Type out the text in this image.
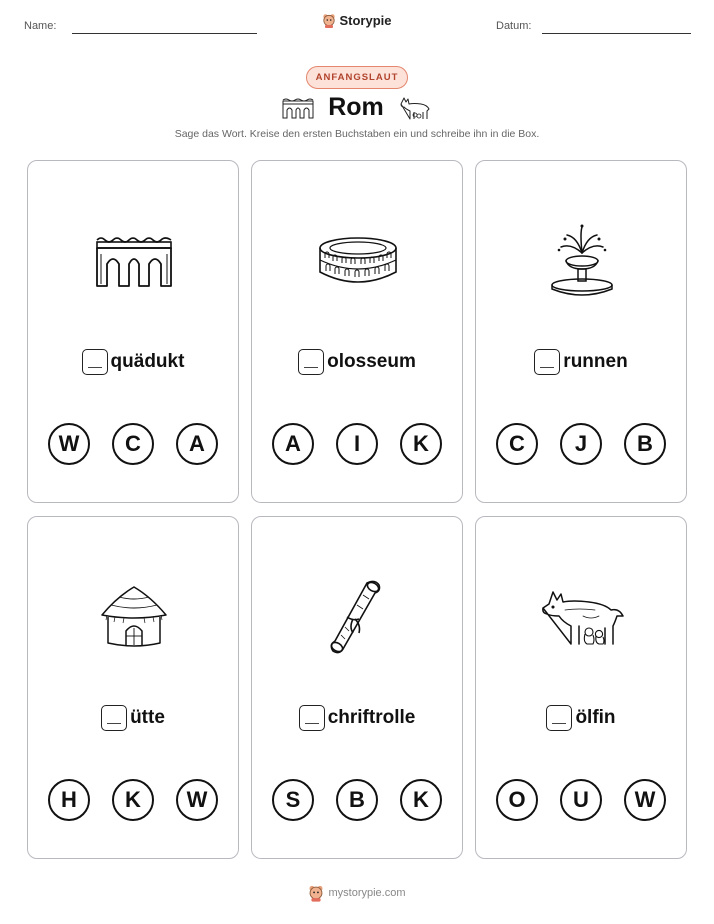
Name:	Storypie	Datum:
ANFANGSLAUT
Rom
Sage das Wort. Kreise den ersten Buchstaben ein und schreibe ihn in die Box.
quädukt
W	C	A
olosseum
A	I	K
runnen
C	J	B
ütte
H	K	W
chriftrolle
S	B	K
ölfin
O	U	W
mystorypie.com
